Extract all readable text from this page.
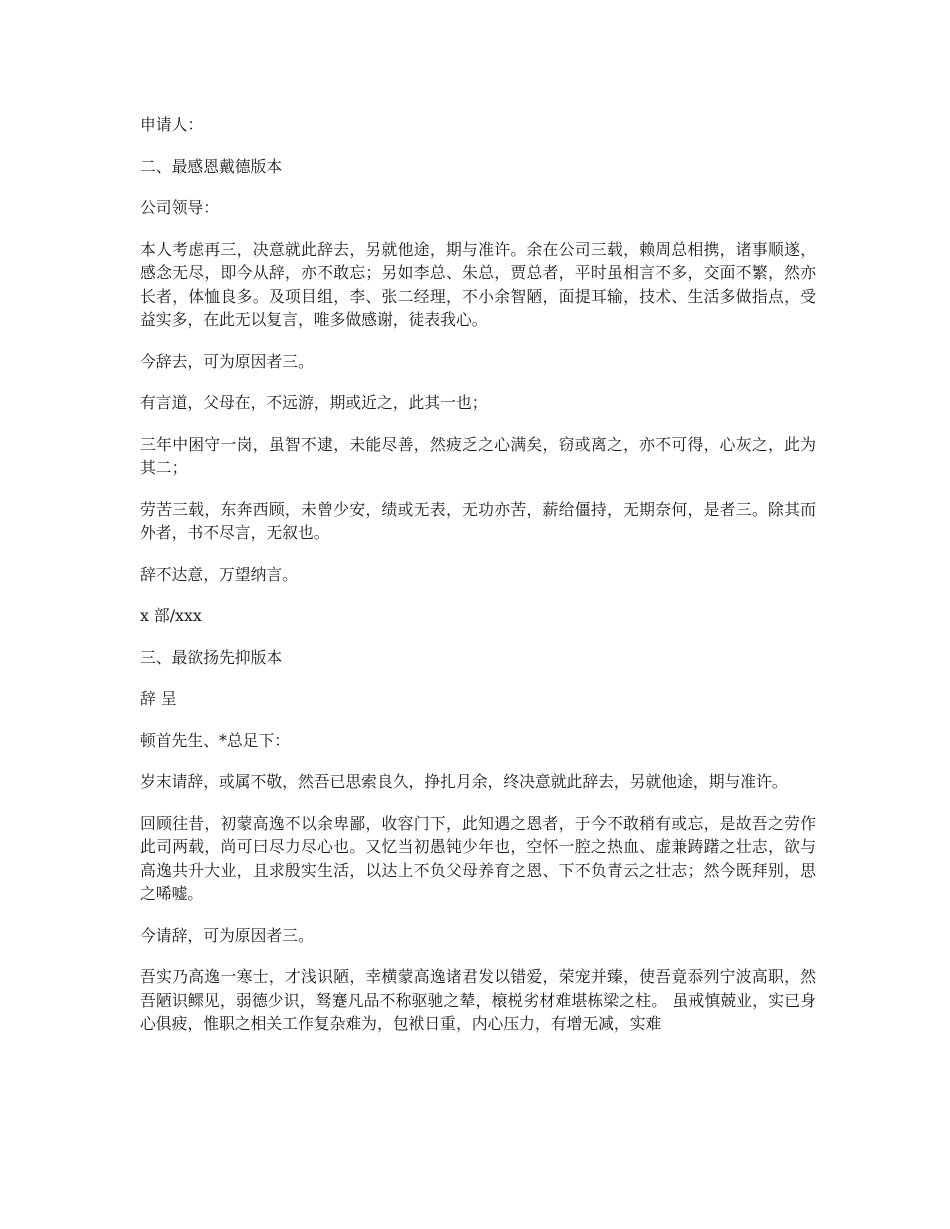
申请人：

二、最感恩戴德版本

公司领导：

本人考虑再三，决意就此辞去，另就他途，期与准许。余在公司三载，赖周总相携，诸事顺遂，感念无尽，即今从辞，亦不敢忘；另如李总、朱总，贾总者，平时虽相言不多，交面不繁，然亦长者，体恤良多。及项目组，李、张二经理，不小余智陋，面提耳输，技术、生活多做指点，受益实多，在此无以复言，唯多做感谢，徒表我心。

今辞去，可为原因者三。

有言道，父母在，不远游，期或近之，此其一也；

三年中困守一岗，虽智不逮，未能尽善，然疲乏之心满矣，窃或离之，亦不可得，心灰之，此为其二；

劳苦三载，东奔西顾，未曾少安，绩或无表，无功亦苦，薪给僵持，无期奈何，是者三。除其而外者，书不尽言，无叙也。

辞不达意，万望纳言。

x 部/xxx

三、最欲扬先抑版本

辞 呈

顿首先生、*总足下：

岁末请辞，或属不敬，然吾已思索良久，挣扎月余，终决意就此辞去，另就他途，期与准许。

回顾往昔，初蒙高逸不以余卑鄙，收容门下，此知遇之恩者，于今不敢稍有或忘，是故吾之劳作此司两载，尚可曰尽力尽心也。又忆当初愚钝少年也，空怀一腔之热血、虚兼踌躇之壮志，欲与高逸共升大业，且求殷实生活，以达上不负父母养育之恩、下不负青云之壮志；然今既拜别，思之唏嘘。

今请辞，可为原因者三。

吾实乃高逸一寒士，才浅识陋，幸横蒙高逸诸君发以错爱，荣宠并臻，使吾竟忝列宁波高职，然吾陋识鳏见，弱德少识，驽蹇凡品不称驱驰之辇，榱棁劣材难堪栋梁之柱。 虽戒慎兢业，实已身心俱疲，惟职之相关工作复杂难为，包袱日重，内心压力，有增无减，实难
